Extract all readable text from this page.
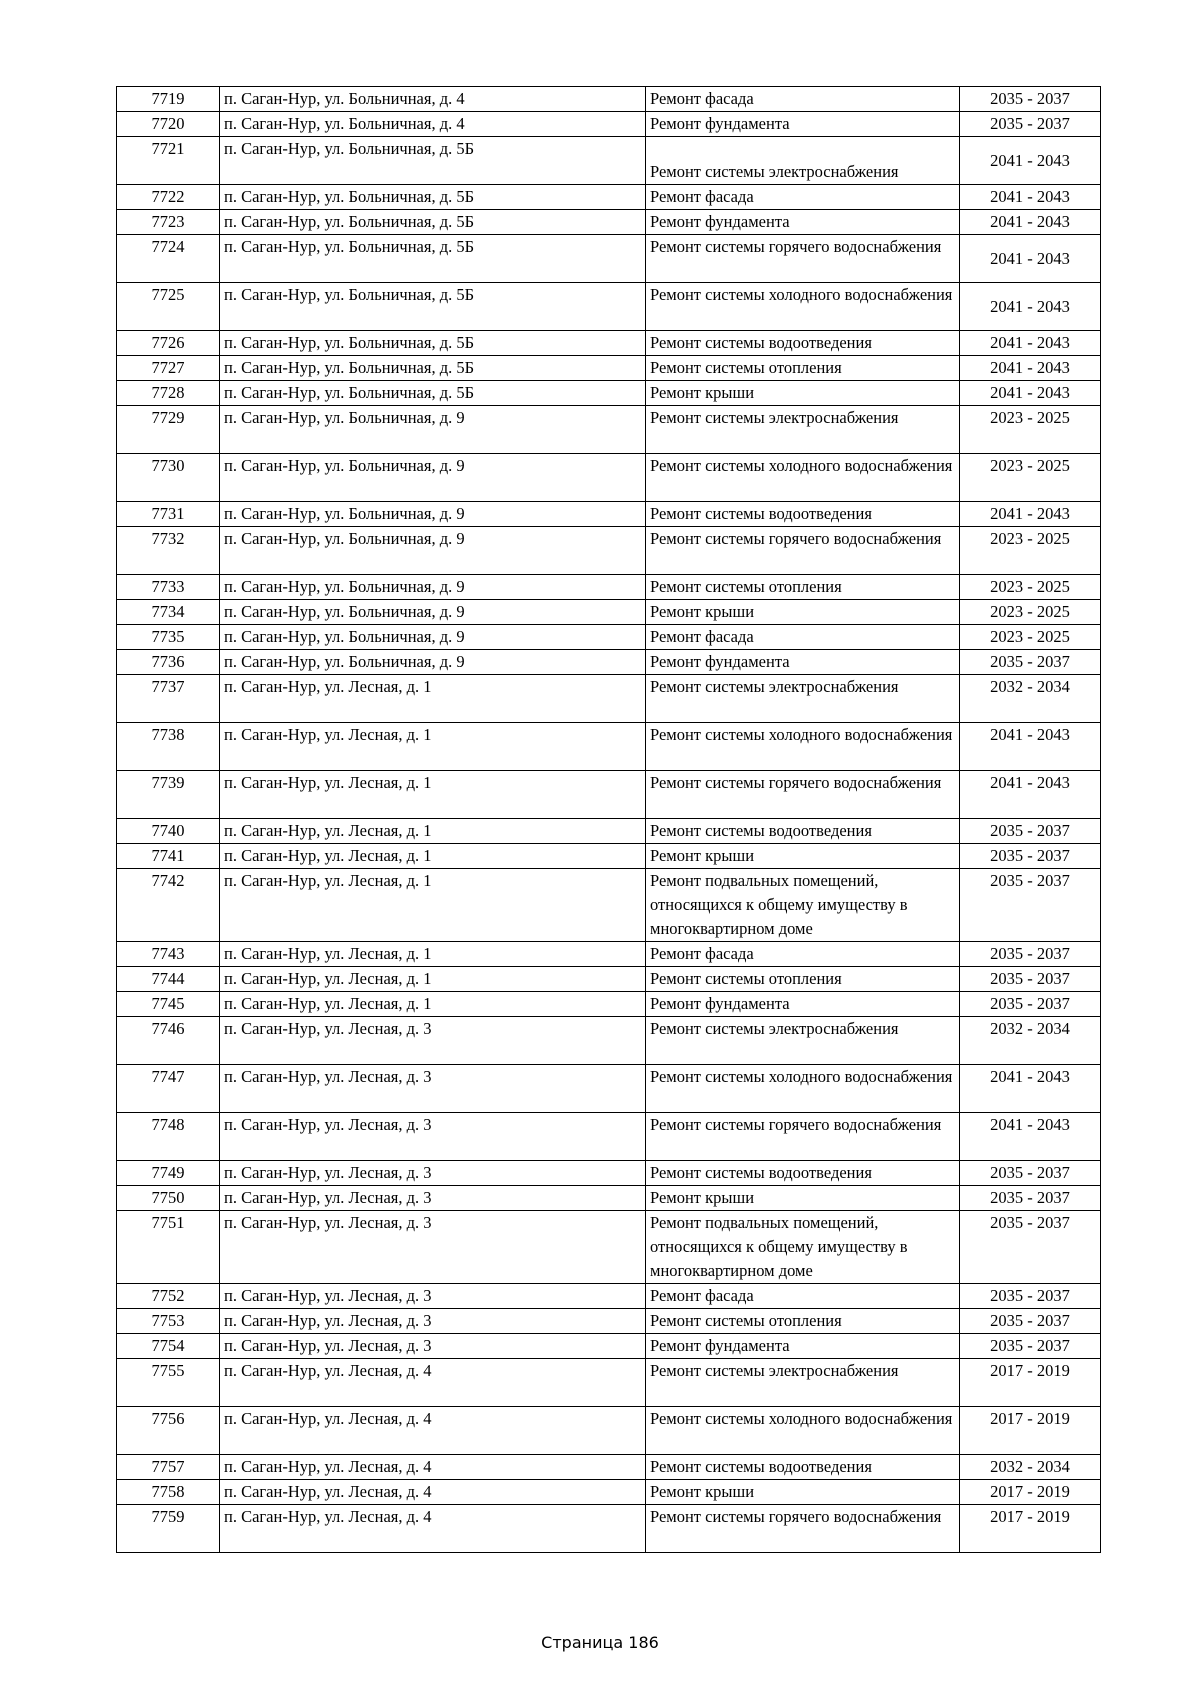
7719	п. Саган-Нур, ул. Больничная, д. 4	Ремонт фасада	2035 - 2037
7720	п. Саган-Нур, ул. Больничная, д. 4	Ремонт фундамента	2035 - 2037
7721	п. Саган-Нур, ул. Больничная, д. 5Б	Ремонт системы электроснабжения	2041 - 2043
7722	п. Саган-Нур, ул. Больничная, д. 5Б	Ремонт фасада	2041 - 2043
7723	п. Саган-Нур, ул. Больничная, д. 5Б	Ремонт фундамента	2041 - 2043
7724	п. Саган-Нур, ул. Больничная, д. 5Б	Ремонт системы горячего водоснабжения	2041 - 2043
7725	п. Саган-Нур, ул. Больничная, д. 5Б	Ремонт системы холодного водоснабжения	2041 - 2043
7726	п. Саган-Нур, ул. Больничная, д. 5Б	Ремонт системы водоотведения	2041 - 2043
7727	п. Саган-Нур, ул. Больничная, д. 5Б	Ремонт системы отопления	2041 - 2043
7728	п. Саган-Нур, ул. Больничная, д. 5Б	Ремонт крыши	2041 - 2043
7729	п. Саган-Нур, ул. Больничная, д. 9	Ремонт системы электроснабжения	2023 - 2025
7730	п. Саган-Нур, ул. Больничная, д. 9	Ремонт системы холодного водоснабжения	2023 - 2025
7731	п. Саган-Нур, ул. Больничная, д. 9	Ремонт системы водоотведения	2041 - 2043
7732	п. Саган-Нур, ул. Больничная, д. 9	Ремонт системы горячего водоснабжения	2023 - 2025
7733	п. Саган-Нур, ул. Больничная, д. 9	Ремонт системы отопления	2023 - 2025
7734	п. Саган-Нур, ул. Больничная, д. 9	Ремонт крыши	2023 - 2025
7735	п. Саган-Нур, ул. Больничная, д. 9	Ремонт фасада	2023 - 2025
7736	п. Саган-Нур, ул. Больничная, д. 9	Ремонт фундамента	2035 - 2037
7737	п. Саган-Нур, ул. Лесная, д. 1	Ремонт системы электроснабжения	2032 - 2034
7738	п. Саган-Нур, ул. Лесная, д. 1	Ремонт системы холодного водоснабжения	2041 - 2043
7739	п. Саган-Нур, ул. Лесная, д. 1	Ремонт системы горячего водоснабжения	2041 - 2043
7740	п. Саган-Нур, ул. Лесная, д. 1	Ремонт системы водоотведения	2035 - 2037
7741	п. Саган-Нур, ул. Лесная, д. 1	Ремонт крыши	2035 - 2037
7742	п. Саган-Нур, ул. Лесная, д. 1	Ремонт подвальных помещений, относящихся к общему имуществу в многоквартирном доме	2035 - 2037
7743	п. Саган-Нур, ул. Лесная, д. 1	Ремонт фасада	2035 - 2037
7744	п. Саган-Нур, ул. Лесная, д. 1	Ремонт системы отопления	2035 - 2037
7745	п. Саган-Нур, ул. Лесная, д. 1	Ремонт фундамента	2035 - 2037
7746	п. Саган-Нур, ул. Лесная, д. 3	Ремонт системы электроснабжения	2032 - 2034
7747	п. Саган-Нур, ул. Лесная, д. 3	Ремонт системы холодного водоснабжения	2041 - 2043
7748	п. Саган-Нур, ул. Лесная, д. 3	Ремонт системы горячего водоснабжения	2041 - 2043
7749	п. Саган-Нур, ул. Лесная, д. 3	Ремонт системы водоотведения	2035 - 2037
7750	п. Саган-Нур, ул. Лесная, д. 3	Ремонт крыши	2035 - 2037
7751	п. Саган-Нур, ул. Лесная, д. 3	Ремонт подвальных помещений, относящихся к общему имуществу в многоквартирном доме	2035 - 2037
7752	п. Саган-Нур, ул. Лесная, д. 3	Ремонт фасада	2035 - 2037
7753	п. Саган-Нур, ул. Лесная, д. 3	Ремонт системы отопления	2035 - 2037
7754	п. Саган-Нур, ул. Лесная, д. 3	Ремонт фундамента	2035 - 2037
7755	п. Саган-Нур, ул. Лесная, д. 4	Ремонт системы электроснабжения	2017 - 2019
7756	п. Саган-Нур, ул. Лесная, д. 4	Ремонт системы холодного водоснабжения	2017 - 2019
7757	п. Саган-Нур, ул. Лесная, д. 4	Ремонт системы водоотведения	2032 - 2034
7758	п. Саган-Нур, ул. Лесная, д. 4	Ремонт крыши	2017 - 2019
7759	п. Саган-Нур, ул. Лесная, д. 4	Ремонт системы горячего водоснабжения	2017 - 2019
Страница 186
